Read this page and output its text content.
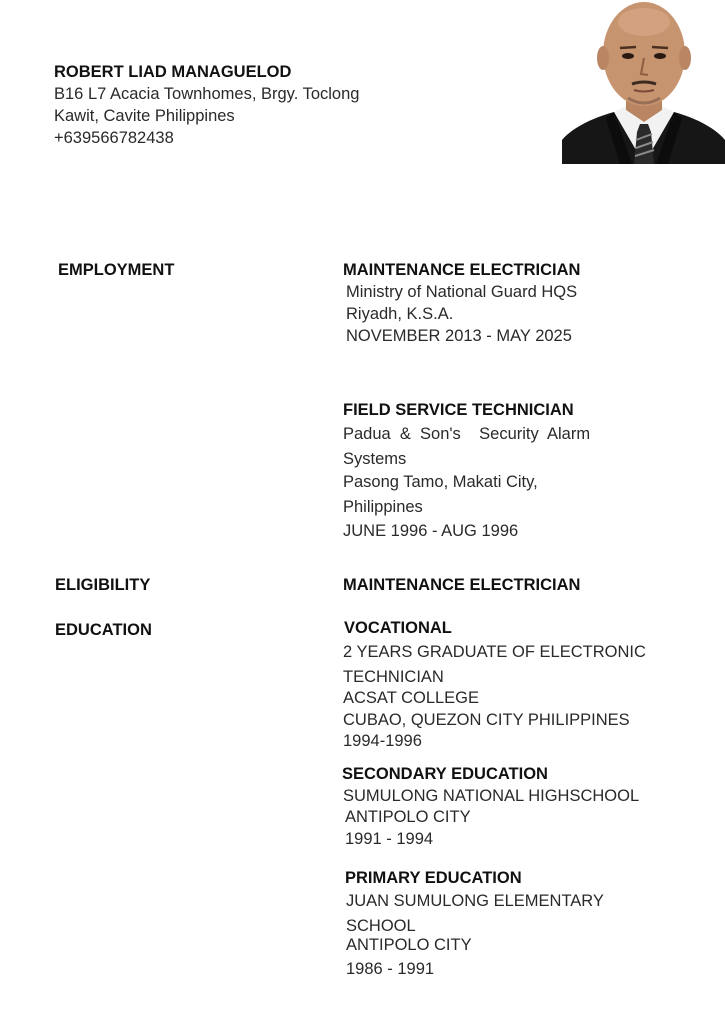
ROBERT LIAD MANAGUELOD
B16 L7 Acacia Townhomes, Brgy. Toclong
Kawit, Cavite Philippines
+639566782438
EMPLOYMENT
ELIGIBILITY
EDUCATION
MAINTENANCE ELECTRICIAN
Ministry of National Guard HQS
Riyadh, K.S.A.
NOVEMBER 2013 - MAY 2025
FIELD SERVICE TECHNICIAN
Padua  &  Son's    Security  Alarm
Systems
Pasong Tamo, Makati City,
Philippines
JUNE 1996 - AUG 1996
MAINTENANCE ELECTRICIAN
VOCATIONAL
2 YEARS GRADUATE OF ELECTRONIC
TECHNICIAN
ACSAT COLLEGE
CUBAO, QUEZON CITY PHILIPPINES
1994-1996
SECONDARY EDUCATION
SUMULONG NATIONAL HIGHSCHOOL
ANTIPOLO CITY
1991 - 1994
PRIMARY EDUCATION
JUAN SUMULONG ELEMENTARY
SCHOOL
ANTIPOLO CITY
1986 - 1991
